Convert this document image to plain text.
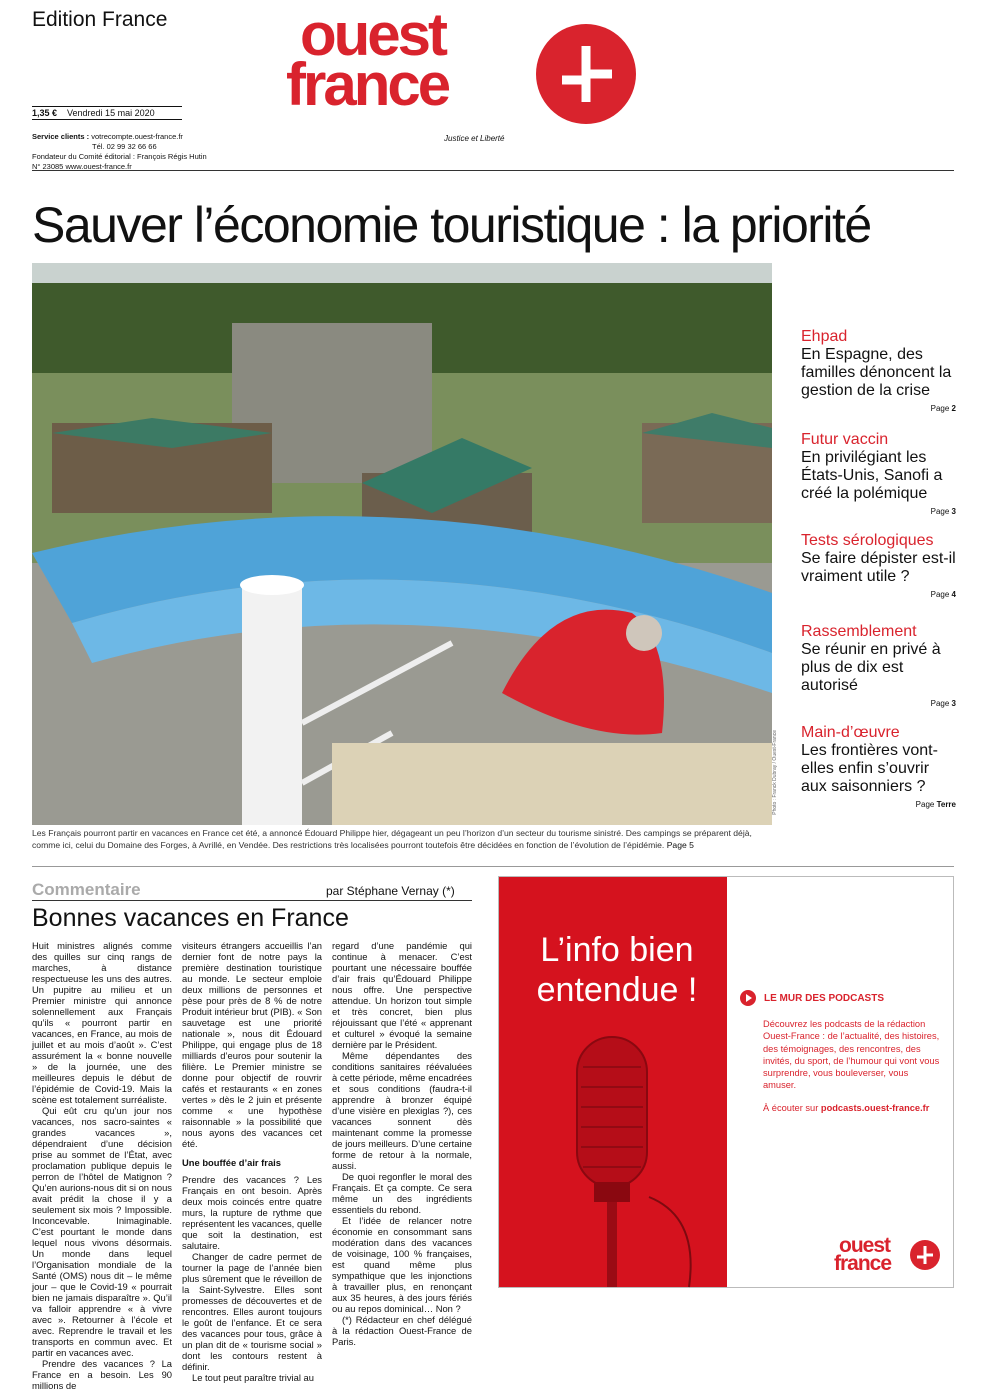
Edition France ouest
france
Justice et Liberté
1,35 € Vendredi 15 mai 2020
Service clients : votrecompte.ouest-france.fr
Tél. 02 99 32 66 66
Fondateur du Comité éditorial : François Régis Hutin
N° 23085 www.ouest-france.fr
Sauver l’économie touristique : la priorité
Photo : Franck Dubray / Ouest-France
Les Français pourront partir en vacances en France cet été, a annoncé Édouard Philippe hier, dégageant un peu l’horizon d’un secteur du tourisme sinistré. Des campings se préparent déjà, comme ici, celui du Domaine des Forges, à Avrillé, en Vendée. Des restrictions très localisées pourront toutefois être décidées en fonction de l’évolution de l’épidémie. Page 5
Ehpad
En Espagne, des familles dénoncent la gestion de la crise
Page 2
Futur vaccin
En privilégiant les États-Unis, Sanofi a créé la polémique
Page 3
Tests sérologiques
Se faire dépister est-il vraiment utile ?
Page 4
Rassemblement
Se réunir en privé à plus de dix est autorisé
Page 3
Main-d’œuvre
Les frontières vont-elles enfin s’ouvrir aux saisonniers ?
Page Terre
Commentaire	par Stéphane Vernay (*)
Bonnes vacances en France

Huit ministres alignés comme des quilles sur cinq rangs de marches, à distance respectueuse les uns des autres. Un pupitre au milieu et un Premier ministre qui annonce solennellement aux Français qu’ils « pourront partir en vacances, en France, au mois de juillet et au mois d’août ». C’est assurément la « bonne nouvelle » de la journée, une des meilleures depuis le début de l’épidémie de Covid-19. Mais la scène est totalement surréaliste.

Qui eût cru qu’un jour nos vacances, nos sacro-saintes « grandes vacances », dépendraient d’une décision prise au sommet de l’État, avec proclamation publique depuis le perron de l’hôtel de Matignon ? Qu’en aurions-nous dit si on nous avait prédit la chose il y a seulement six mois ? Impossible. Inconcevable. Inimaginable. C’est pourtant le monde dans lequel nous vivons désormais. Un monde dans lequel l’Organisation mondiale de la Santé (OMS) nous dit – le même jour – que le Covid-19 « pourrait bien ne jamais disparaître ». Qu’il va falloir apprendre « à vivre avec ». Retourner à l’école et avec. Reprendre le travail et les transports en commun avec. Et partir en vacances avec.

Prendre des vacances ? La France en a besoin. Les 90 millions de

visiteurs étrangers accueillis l’an dernier font de notre pays la première destination touristique au monde. Le secteur emploie deux millions de personnes et pèse pour près de 8 % de notre Produit intérieur brut (PIB). « Son sauvetage est une priorité nationale », nous dit Édouard Philippe, qui engage plus de 18 milliards d’euros pour soutenir la filière. Le Premier ministre se donne pour objectif de rouvrir cafés et restaurants « en zones vertes » dès le 2 juin et présente comme « une hypothèse raisonnable » la possibilité que nous ayons des vacances cet été.

Une bouffée d’air frais

Prendre des vacances ? Les Français en ont besoin. Après deux mois coincés entre quatre murs, la rupture de rythme que représentent les vacances, quelle que soit la destination, est salutaire.

Changer de cadre permet de tourner la page de l’année bien plus sûrement que le réveillon de la Saint-Sylvestre. Elles sont promesses de découvertes et de rencontres. Elles auront toujours le goût de l’enfance. Et ce sera des vacances pour tous, grâce à un plan dit de « tourisme social » dont les contours restent à définir.

Le tout peut paraître trivial au

regard d’une pandémie qui continue à menacer. C’est pourtant une nécessaire bouffée d’air frais qu’Édouard Philippe nous offre. Une perspective attendue. Un horizon tout simple et très concret, bien plus réjouissant que l’été « apprenant et culturel » évoqué la semaine dernière par le Président.

Même dépendantes des conditions sanitaires réévaluées à cette période, même encadrées et sous conditions (faudra-t-il apprendre à bronzer équipé d’une visière en plexiglas ?), ces vacances sonnent dès maintenant comme la promesse de jours meilleurs. D’une certaine forme de retour à la normale, aussi.

De quoi regonfler le moral des Français. Et ça compte. Ce sera même un des ingrédients essentiels du rebond.

Et l’idée de relancer notre économie en consommant sans modération dans des vacances de voisinage, 100 % françaises, est quand même plus sympathique que les injonctions à travailler plus, en renonçant aux 35 heures, à des jours fériés ou au repos dominical… Non ?

(*) Rédacteur en chef délégué à la rédaction Ouest-France de Paris.

L’info bien entendue !	LE MUR DES PODCASTS
Découvrez les podcasts de la rédaction Ouest-France : de l’actualité, des histoires, des témoignages, des rencontres, des invités, du sport, de l’humour qui vont vous surprendre, vous bouleverser, vous amuser.
À écouter sur podcasts.ouest-france.fr
ouest
france
